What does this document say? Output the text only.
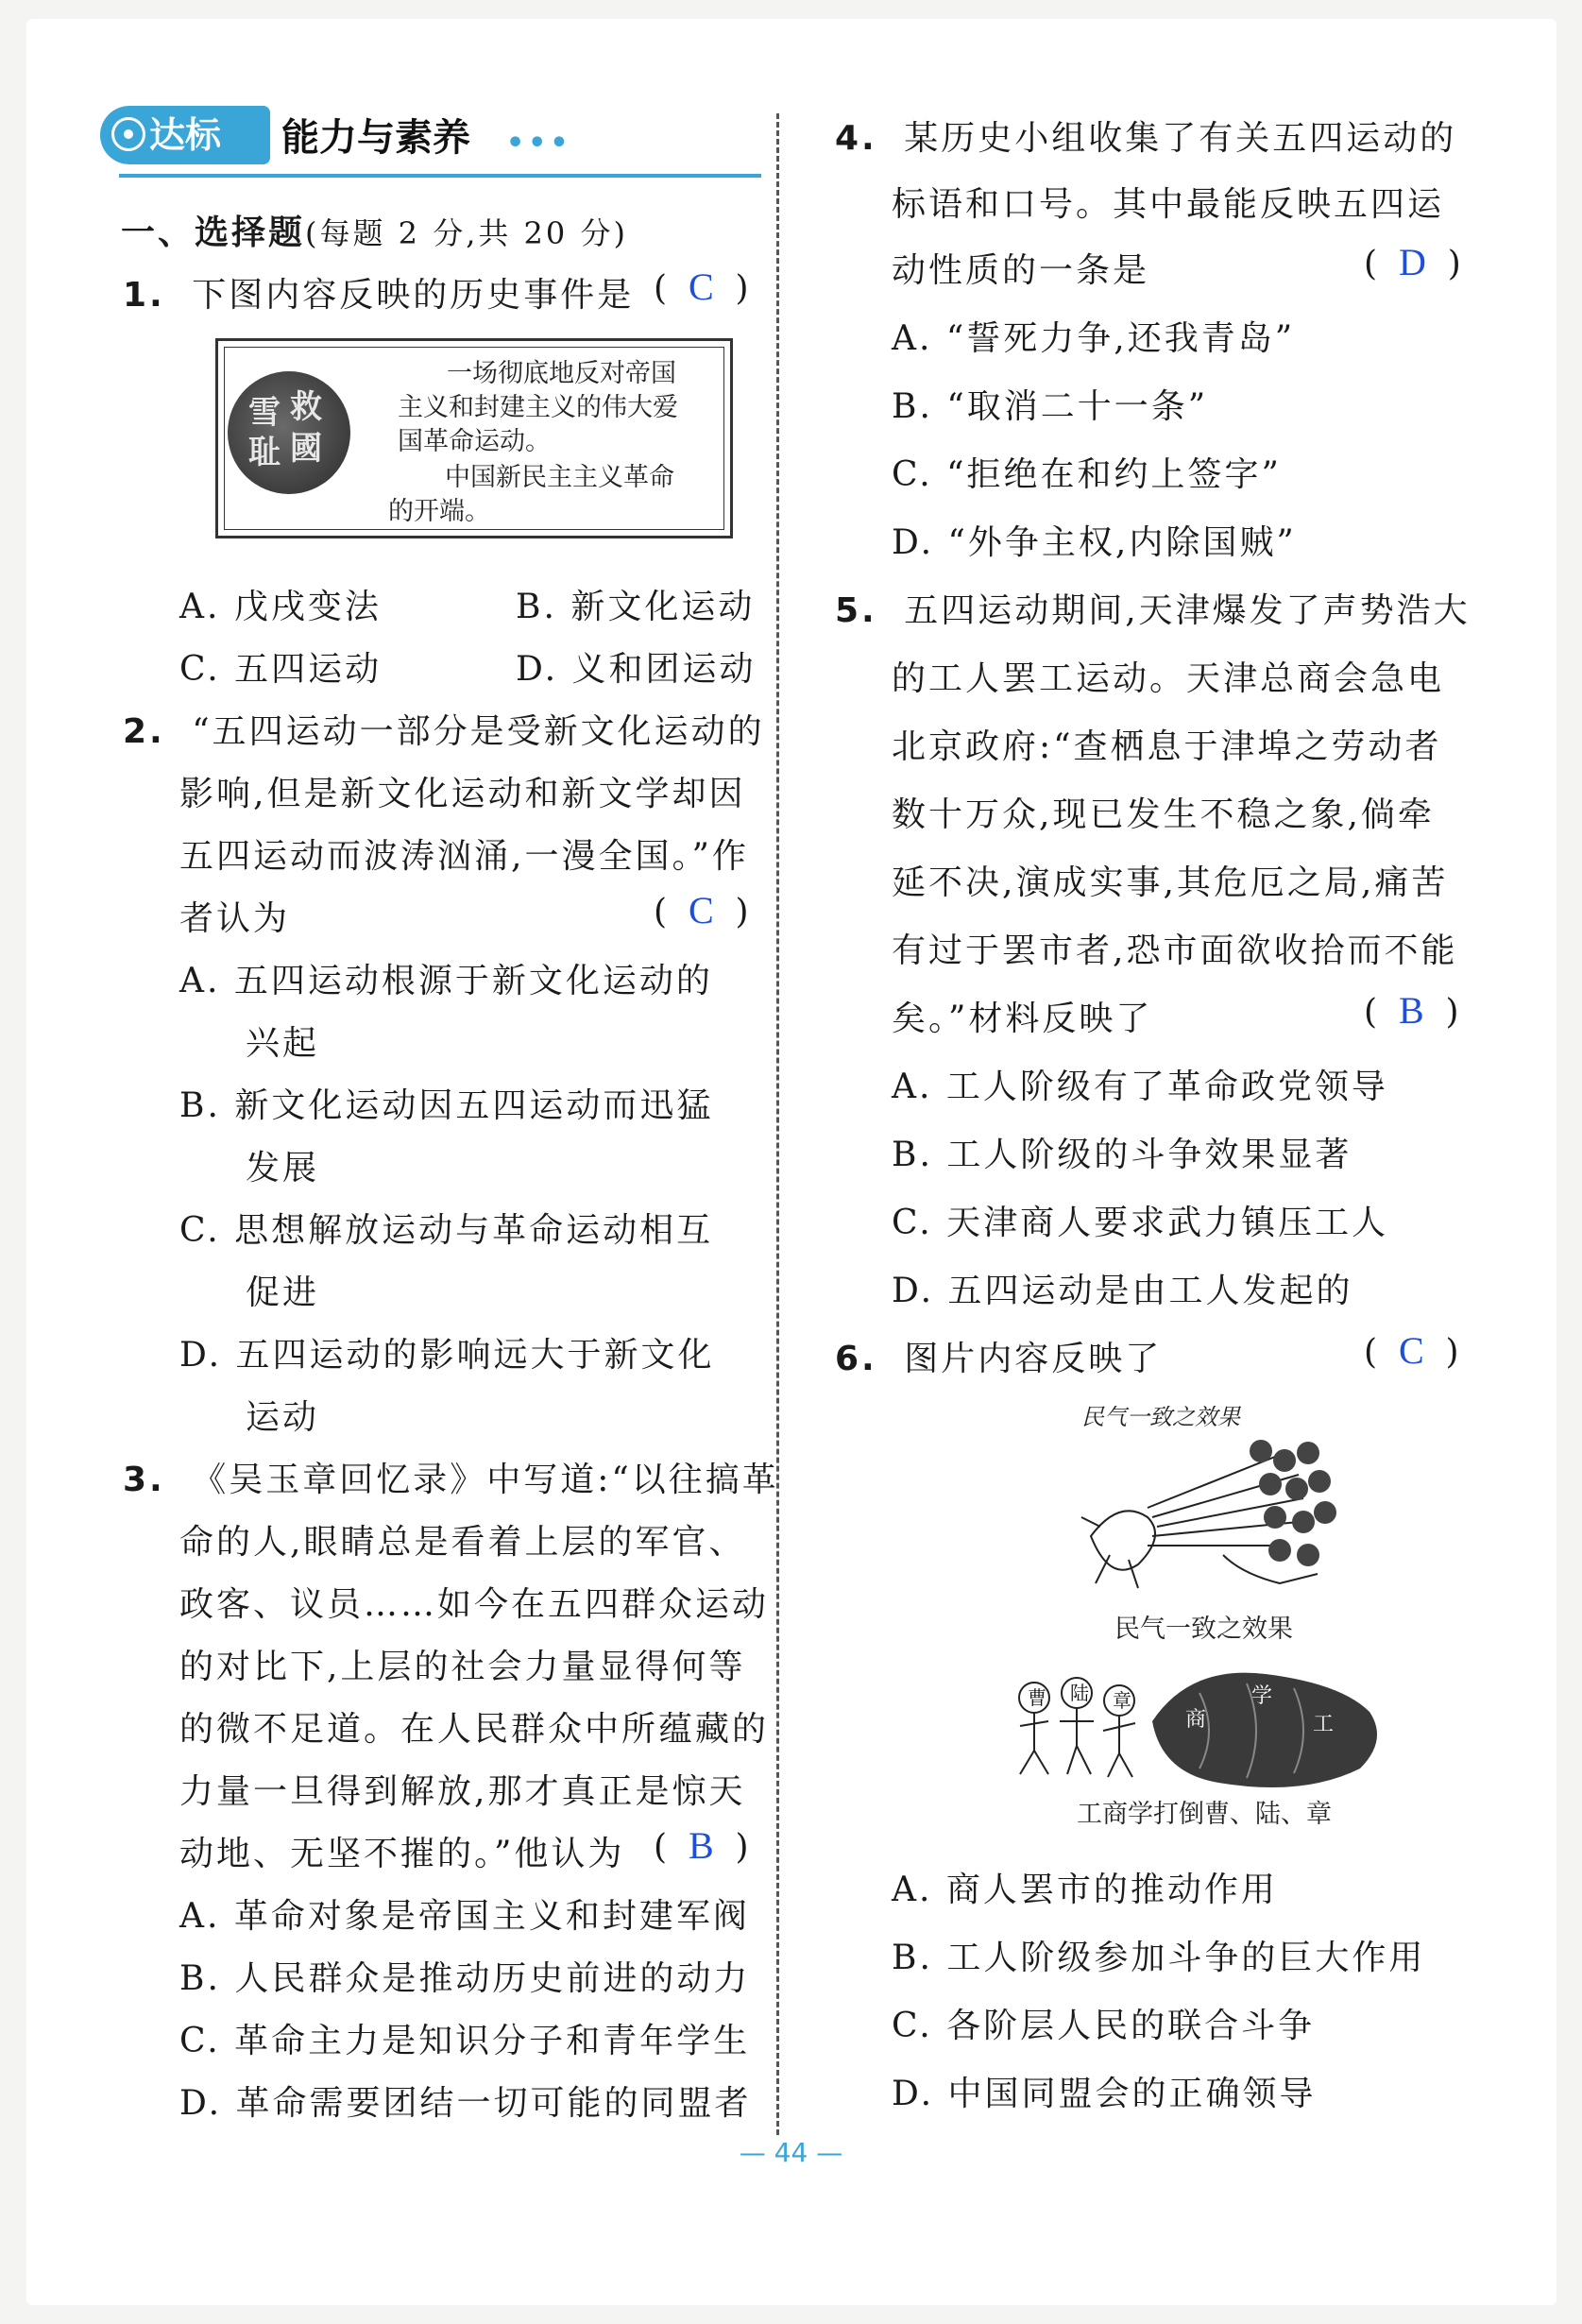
达标	能力与素养 •••
一、选择题(每题 2 分,共 20 分)
1. 下图内容反映的历史事件是 (  C  )
雪 救
耻 國
一场彻底地反对帝国
主义和封建主义的伟大爱
国革命运动。
中国新民主主义革命
的开端。
A. 戊戌变法	B. 新文化运动
C. 五四运动	D. 义和团运动
2. “五四运动一部分是受新文化运动的
影响,但是新文化运动和新文学却因
五四运动而波涛汹涌,一漫全国。”作
者认为	(  C  )
A. 五四运动根源于新文化运动的
兴起
B. 新文化运动因五四运动而迅猛
发展
C. 思想解放运动与革命运动相互
促进
D. 五四运动的影响远大于新文化
运动
3. 《吴玉章回忆录》中写道:“以往搞革
命的人,眼睛总是看着上层的军官、
政客、议员……如今在五四群众运动
的对比下,上层的社会力量显得何等
的微不足道。在人民群众中所蕴藏的
力量一旦得到解放,那才真正是惊天
动地、无坚不摧的。”他认为 (  B  )
A. 革命对象是帝国主义和封建军阀
B. 人民群众是推动历史前进的动力
C. 革命主力是知识分子和青年学生
D. 革命需要团结一切可能的同盟者
4. 某历史小组收集了有关五四运动的
标语和口号。其中最能反映五四运
动性质的一条是	(  D  )
A. “誓死力争,还我青岛”
B. “取消二十一条”
C. “拒绝在和约上签字”
D. “外争主权,内除国贼”
5. 五四运动期间,天津爆发了声势浩大
的工人罢工运动。天津总商会急电
北京政府:“查栖息于津埠之劳动者
数十万众,现已发生不稳之象,倘牵
延不决,演成实事,其危厄之局,痛苦
有过于罢市者,恐市面欲收拾而不能
矣。”材料反映了	(  B  )
A. 工人阶级有了革命政党领导
B. 工人阶级的斗争效果显著
C. 天津商人要求武力镇压工人
D. 五四运动是由工人发起的
6. 图片内容反映了	(  C  )
民气一致之效果
民气一致之效果
曹 陆 章
商
学
工
工商学打倒曹、陆、章
A. 商人罢市的推动作用
B. 工人阶级参加斗争的巨大作用
C. 各阶层人民的联合斗争
D. 中国同盟会的正确领导
— 44 —
